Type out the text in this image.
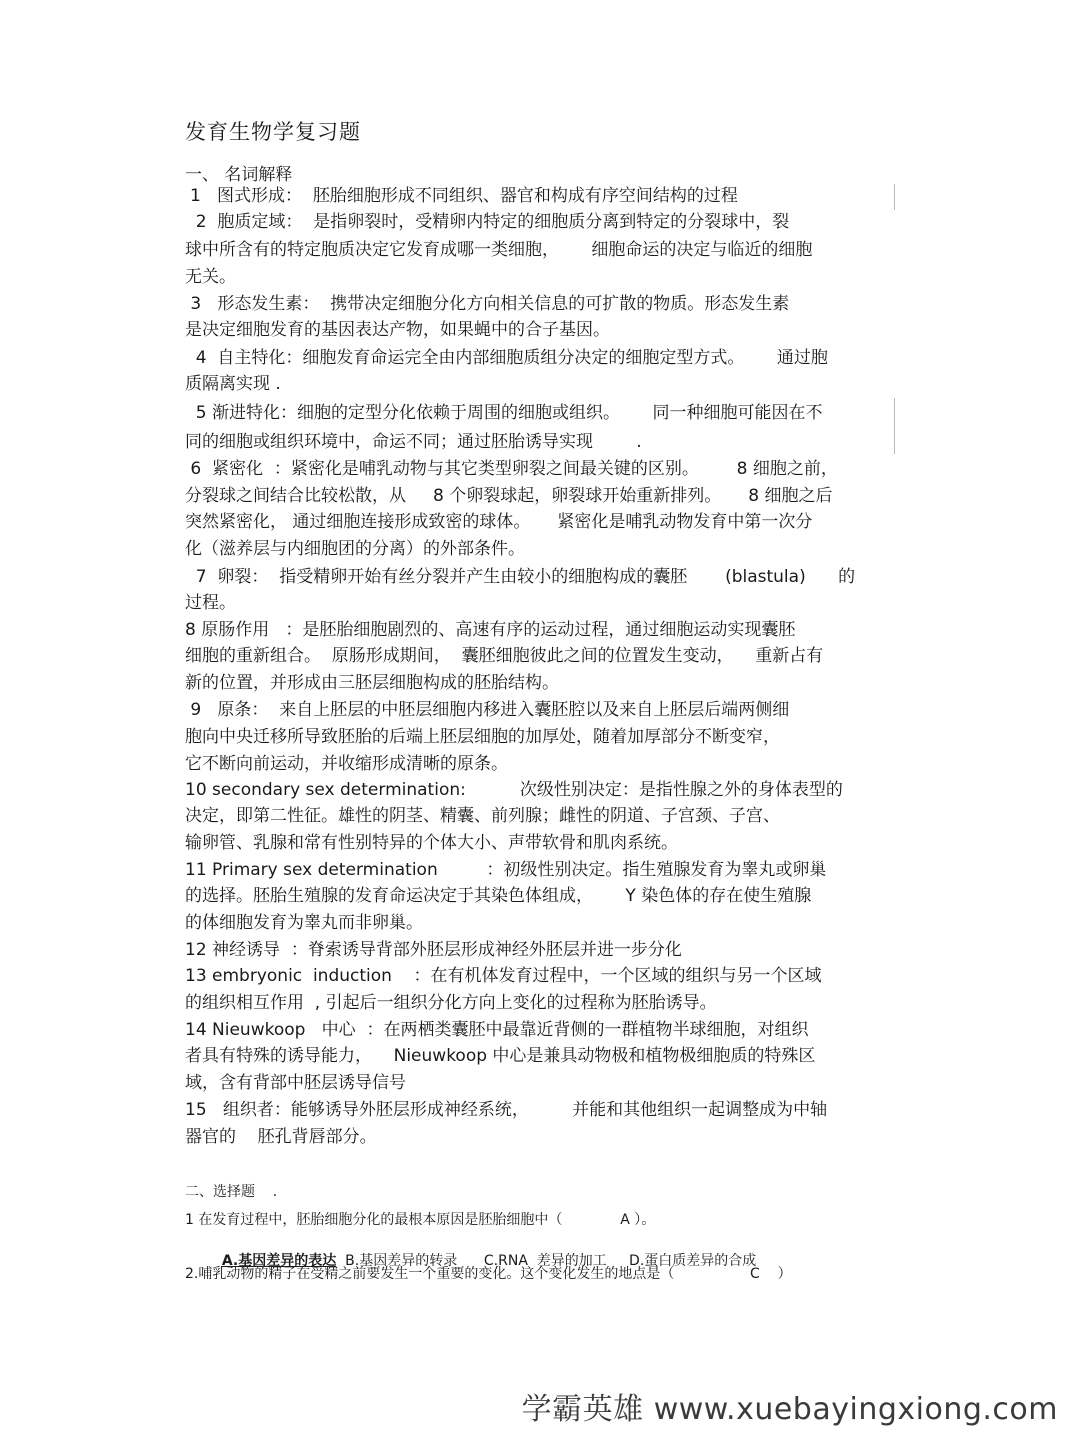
发育生物学复习题
一、 名词解释
1   图式形成：  胚胎细胞形成不同组织、器官和构成有序空间结构的过程
2  胞质定域：  是指卵裂时，受精卵内特定的细胞质分离到特定的分裂球中，裂
球中所含有的特定胞质决定它发育成哪一类细胞，      细胞命运的决定与临近的细胞
无关。
3   形态发生素：  携带决定细胞分化方向相关信息的可扩散的物质。形态发生素
是决定细胞发育的基因表达产物，如果蝇中的合子基因。
4  自主特化：细胞发育命运完全由内部细胞质组分决定的细胞定型方式。      通过胞
质隔离实现 .
5 渐进特化：细胞的定型分化依赖于周围的细胞或组织。      同一种细胞可能因在不
同的细胞或组织环境中，命运不同；通过胚胎诱导实现        .
6  紧密化  ：紧密化是哺乳动物与其它类型卵裂之间最关键的区别。       8 细胞之前，
分裂球之间结合比较松散，从     8 个卵裂球起，卵裂球开始重新排列。     8 细胞之后
突然紧密化， 通过细胞连接形成致密的球体。     紧密化是哺乳动物发育中第一次分
化（滋养层与内细胞团的分离）的外部条件。
7  卵裂：  指受精卵开始有丝分裂并产生由较小的细胞构成的囊胚       (blastula)      的
过程。
8 原肠作用   ：是胚胎细胞剧烈的、高速有序的运动过程，通过细胞运动实现囊胚
细胞的重新组合。  原肠形成期间，  囊胚细胞彼此之间的位置发生变动，    重新占有
新的位置，并形成由三胚层细胞构成的胚胎结构。
9   原条：  来自上胚层的中胚层细胞内移进入囊胚腔以及来自上胚层后端两侧细
胞向中央迁移所导致胚胎的后端上胚层细胞的加厚处，随着加厚部分不断变窄，
它不断向前运动，并收缩形成清晰的原条。
10 secondary sex determination:          次级性别决定：是指性腺之外的身体表型的
决定，即第二性征。雄性的阴茎、精囊、前列腺；雌性的阴道、子宫颈、子宫、
输卵管、乳腺和常有性别特异的个体大小、声带软骨和肌肉系统。
11 Primary sex determination         ：初级性别决定。指生殖腺发育为睾丸或卵巢
的选择。胚胎生殖腺的发育命运决定于其染色体组成，      Y 染色体的存在使生殖腺
的体细胞发育为睾丸而非卵巢。
12 神经诱导  ：脊索诱导背部外胚层形成神经外胚层并进一步分化
13 embryonic  induction    ：在有机体发育过程中，一个区域的组织与另一个区域
的组织相互作用  , 引起后一组织分化方向上变化的过程称为胚胎诱导。
14 Nieuwkoop   中心  ：在两栖类囊胚中最靠近背侧的一群植物半球细胞，对组织
者具有特殊的诱导能力，    Nieuwkoop 中心是兼具动物极和植物极细胞质的特殊区
域，含有背部中胚层诱导信号
15   组织者：能够诱导外胚层形成神经系统，        并能和其他组织一起调整成为中轴
器官的    胚孔背唇部分。
二、选择题    .
1 在发育过程中，胚胎细胞分化的最根本原因是胚胎细胞中（             A ）。

A.基因差异的表达  B.基因差异的转录      C.RNA  差异的加工     D.蛋白质差异的合成

2.哺乳动物的精子在受精之前要发生一个重要的变化。这个变化发生的地点是（                 C    ）
学霸英雄 www.xuebayingxiong.com
